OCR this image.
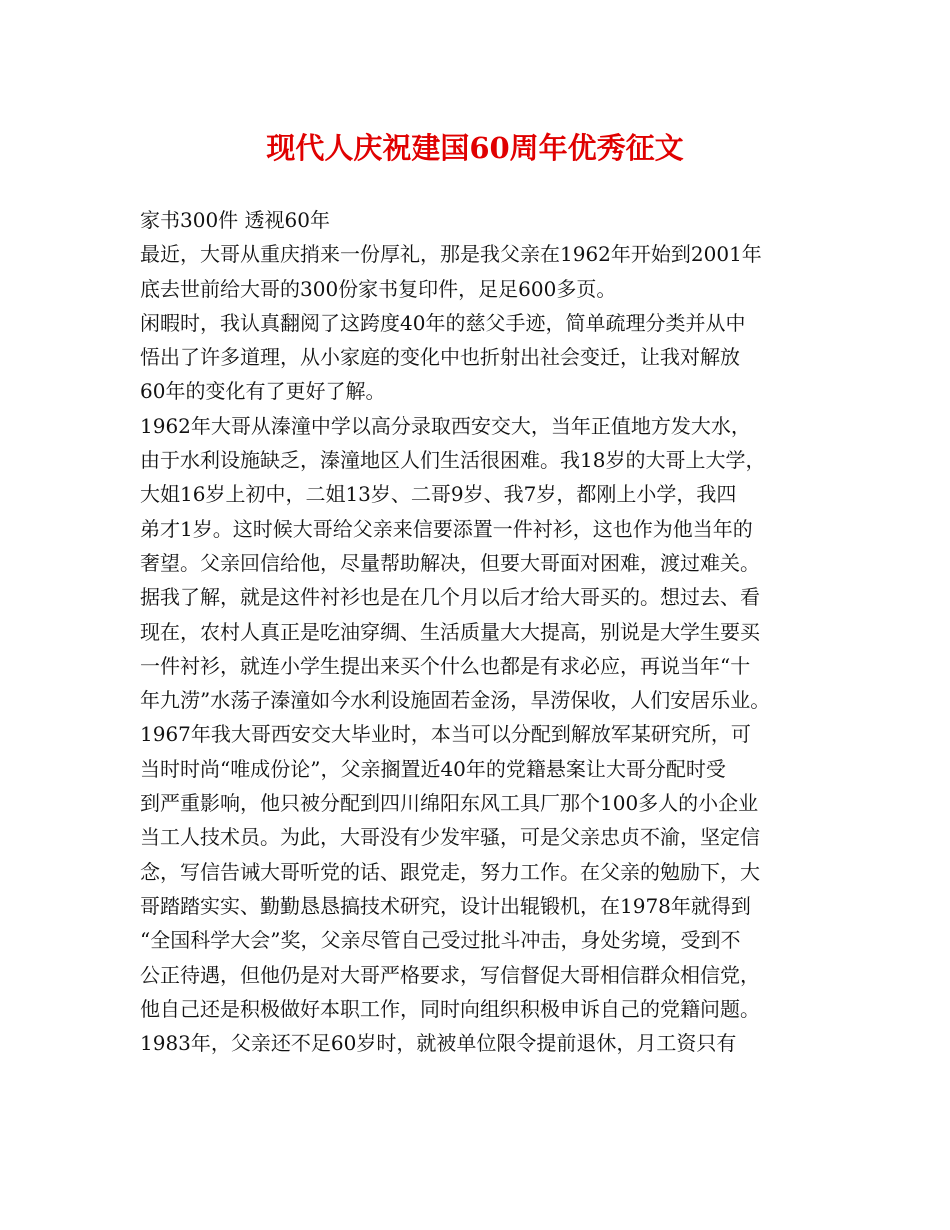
现代人庆祝建国60周年优秀征文
家书300件 透视60年
最近，大哥从重庆捎来一份厚礼，那是我父亲在1962年开始到2001年
底去世前给大哥的300份家书复印件，足足600多页。
闲暇时，我认真翻阅了这跨度40年的慈父手迹，简单疏理分类并从中
悟出了许多道理，从小家庭的变化中也折射出社会变迁，让我对解放
60年的变化有了更好了解。
1962年大哥从溱潼中学以高分录取西安交大，当年正值地方发大水，
由于水利设施缺乏，溱潼地区人们生活很困难。我18岁的大哥上大学，
大姐16岁上初中，二姐13岁、二哥9岁、我7岁，都刚上小学，我四
弟才1岁。这时候大哥给父亲来信要添置一件衬衫，这也作为他当年的
奢望。父亲回信给他，尽量帮助解决，但要大哥面对困难，渡过难关。
据我了解，就是这件衬衫也是在几个月以后才给大哥买的。想过去、看
现在，农村人真正是吃油穿绸、生活质量大大提高，别说是大学生要买
一件衬衫，就连小学生提出来买个什么也都是有求必应，再说当年“十
年九涝”水荡子溱潼如今水利设施固若金汤，旱涝保收，人们安居乐业。
1967年我大哥西安交大毕业时，本当可以分配到解放军某研究所，可
当时时尚“唯成份论”，父亲搁置近40年的党籍悬案让大哥分配时受
到严重影响，他只被分配到四川绵阳东风工具厂那个100多人的小企业
当工人技术员。为此，大哥没有少发牢骚，可是父亲忠贞不渝，坚定信
念，写信告诫大哥听党的话、跟党走，努力工作。在父亲的勉励下，大
哥踏踏实实、勤勤恳恳搞技术研究，设计出辊锻机，在1978年就得到
“全国科学大会”奖，父亲尽管自己受过批斗冲击，身处劣境，受到不
公正待遇，但他仍是对大哥严格要求，写信督促大哥相信群众相信党，
他自己还是积极做好本职工作，同时向组织积极申诉自己的党籍问题。
1983年，父亲还不足60岁时，就被单位限令提前退休，月工资只有
